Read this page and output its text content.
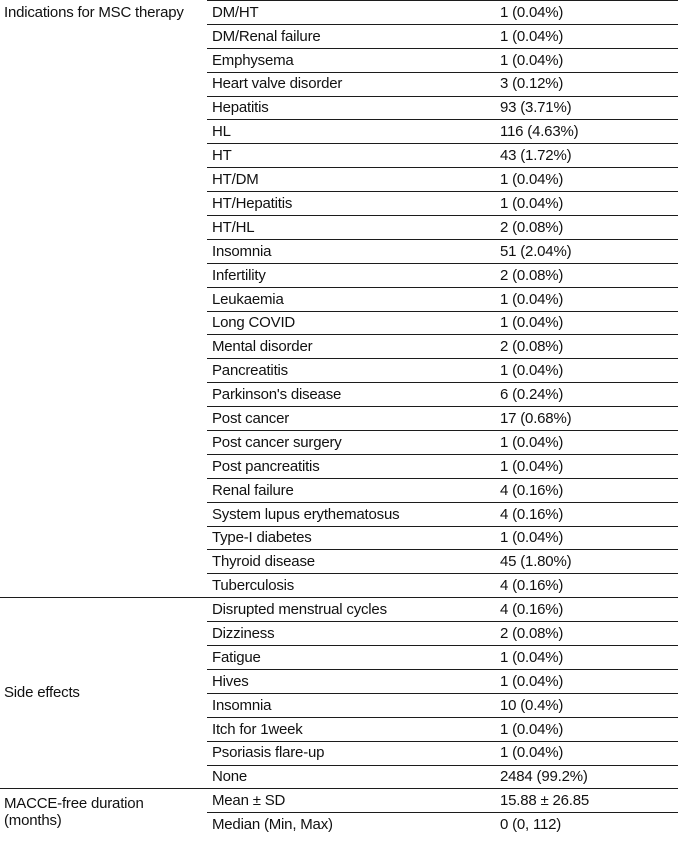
Indications for MSC therapy	DM/HT	1 (0.04%)
	DM/Renal failure	1 (0.04%)
	Emphysema	1 (0.04%)
	Heart valve disorder	3 (0.12%)
	Hepatitis	93 (3.71%)
	HL	116 (4.63%)
	HT	43 (1.72%)
	HT/DM	1 (0.04%)
	HT/Hepatitis	1 (0.04%)
	HT/HL	2 (0.08%)
	Insomnia	51 (2.04%)
	Infertility	2 (0.08%)
	Leukaemia	1 (0.04%)
	Long COVID	1 (0.04%)
	Mental disorder	2 (0.08%)
	Pancreatitis	1 (0.04%)
	Parkinson's disease	6 (0.24%)
	Post cancer	17 (0.68%)
	Post cancer surgery	1 (0.04%)
	Post pancreatitis	1 (0.04%)
	Renal failure	4 (0.16%)
	System lupus erythematosus	4 (0.16%)
	Type-I diabetes	1 (0.04%)
	Thyroid disease	45 (1.80%)
	Tuberculosis	4 (0.16%)
Side effects	Disrupted menstrual cycles	4 (0.16%)
	Dizziness	2 (0.08%)
	Fatigue	1 (0.04%)
	Hives	1 (0.04%)
	Insomnia	10 (0.4%)
	Itch for 1week	1 (0.04%)
	Psoriasis flare-up	1 (0.04%)
	None	2484 (99.2%)
MACCE-free duration (months)	Mean ± SD	15.88 ± 26.85
	Median (Min, Max)	0 (0, 112)
